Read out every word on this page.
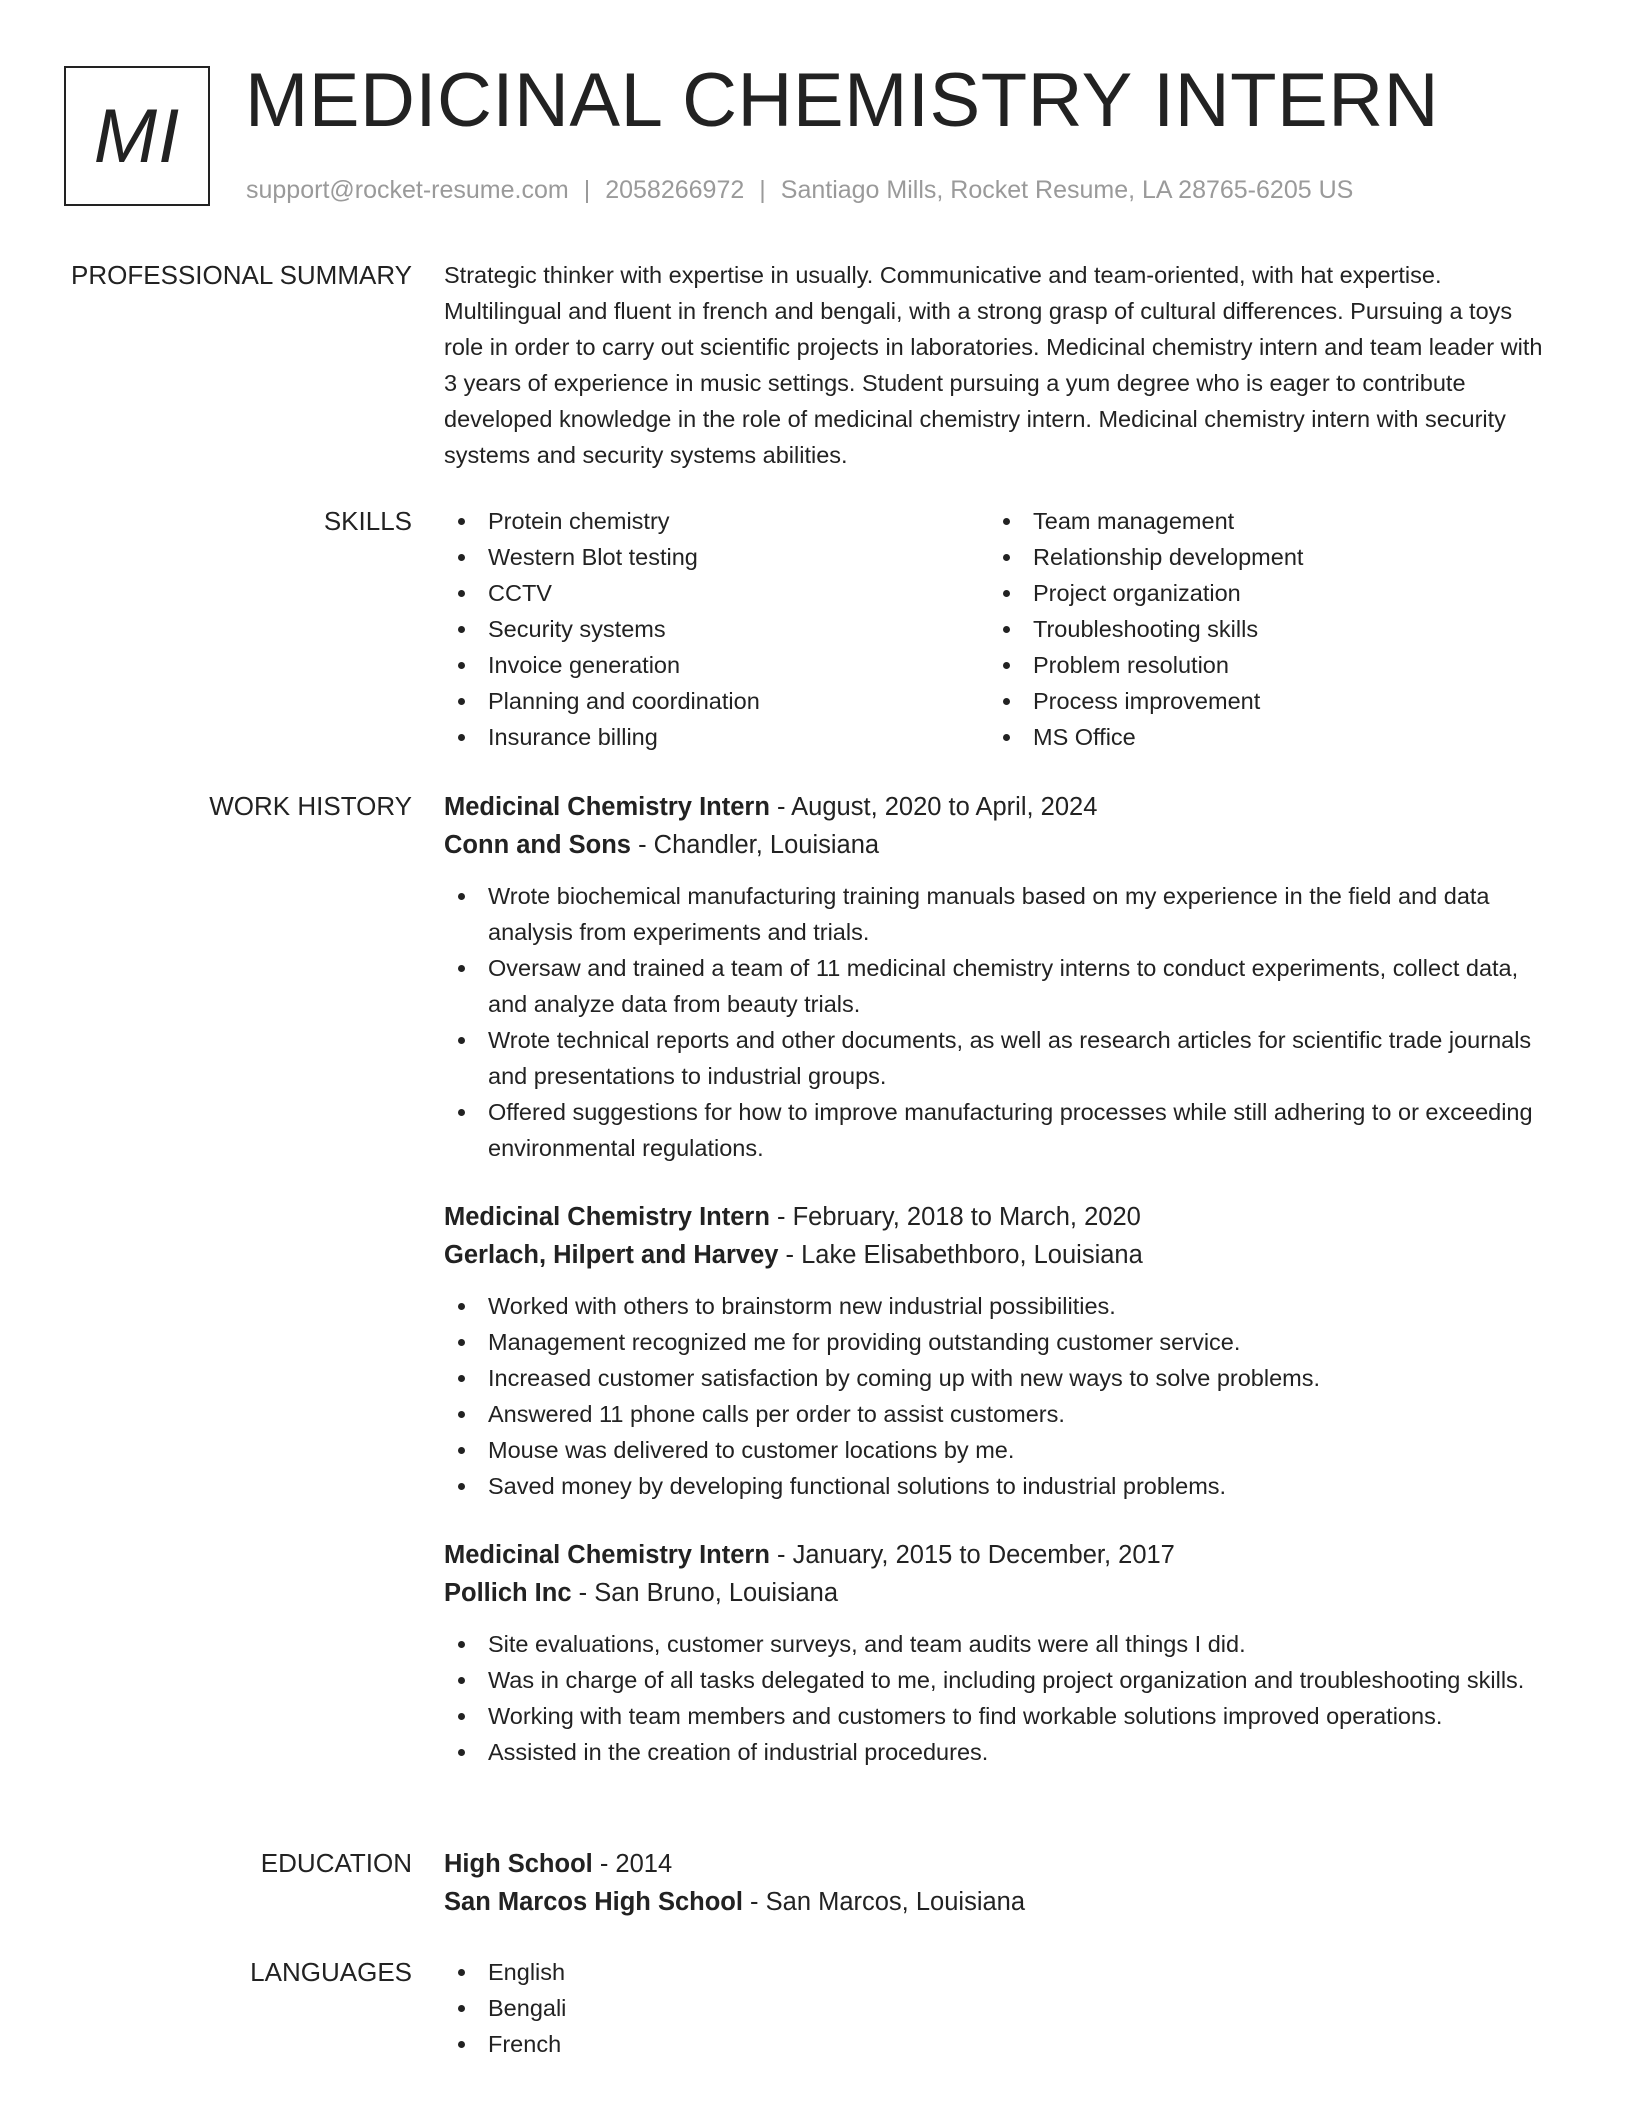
MI MEDICINAL CHEMISTRY INTERN
support@rocket-resume.com | 2058266972 | Santiago Mills, Rocket Resume, LA 28765-6205 US
PROFESSIONAL SUMMARY Strategic thinker with expertise in usually. Communicative and team-oriented, with hat expertise. Multilingual and fluent in french and bengali, with a strong grasp of cultural differences. Pursuing a toys role in order to carry out scientific projects in laboratories. Medicinal chemistry intern and team leader with 3 years of experience in music settings. Student pursuing a yum degree who is eager to contribute developed knowledge in the role of medicinal chemistry intern. Medicinal chemistry intern with security systems and security systems abilities.

SKILLS	Protein chemistry
Western Blot testing
CCTV
Security systems
Invoice generation
Planning and coordination
Insurance billing
Team management
Relationship development
Project organization
Troubleshooting skills
Problem resolution
Process improvement
MS Office
WORK HISTORY Medicinal Chemistry Intern - August, 2020 to April, 2024
Conn and Sons - Chandler, Louisiana
Wrote biochemical manufacturing training manuals based on my experience in the field and data analysis from experiments and trials.
Oversaw and trained a team of 11 medicinal chemistry interns to conduct experiments, collect data, and analyze data from beauty trials.
Wrote technical reports and other documents, as well as research articles for scientific trade journals and presentations to industrial groups.
Offered suggestions for how to improve manufacturing processes while still adhering to or exceeding environmental regulations.
Medicinal Chemistry Intern - February, 2018 to March, 2020
Gerlach, Hilpert and Harvey - Lake Elisabethboro, Louisiana
Worked with others to brainstorm new industrial possibilities.
Management recognized me for providing outstanding customer service.
Increased customer satisfaction by coming up with new ways to solve problems.
Answered 11 phone calls per order to assist customers.
Mouse was delivered to customer locations by me.
Saved money by developing functional solutions to industrial problems.
Medicinal Chemistry Intern - January, 2015 to December, 2017
Pollich Inc - San Bruno, Louisiana
Site evaluations, customer surveys, and team audits were all things I did.
Was in charge of all tasks delegated to me, including project organization and troubleshooting skills.
Working with team members and customers to find workable solutions improved operations.
Assisted in the creation of industrial procedures.
EDUCATION High School - 2014
San Marcos High School - San Marcos, Louisiana
LANGUAGES	English
Bengali
French
